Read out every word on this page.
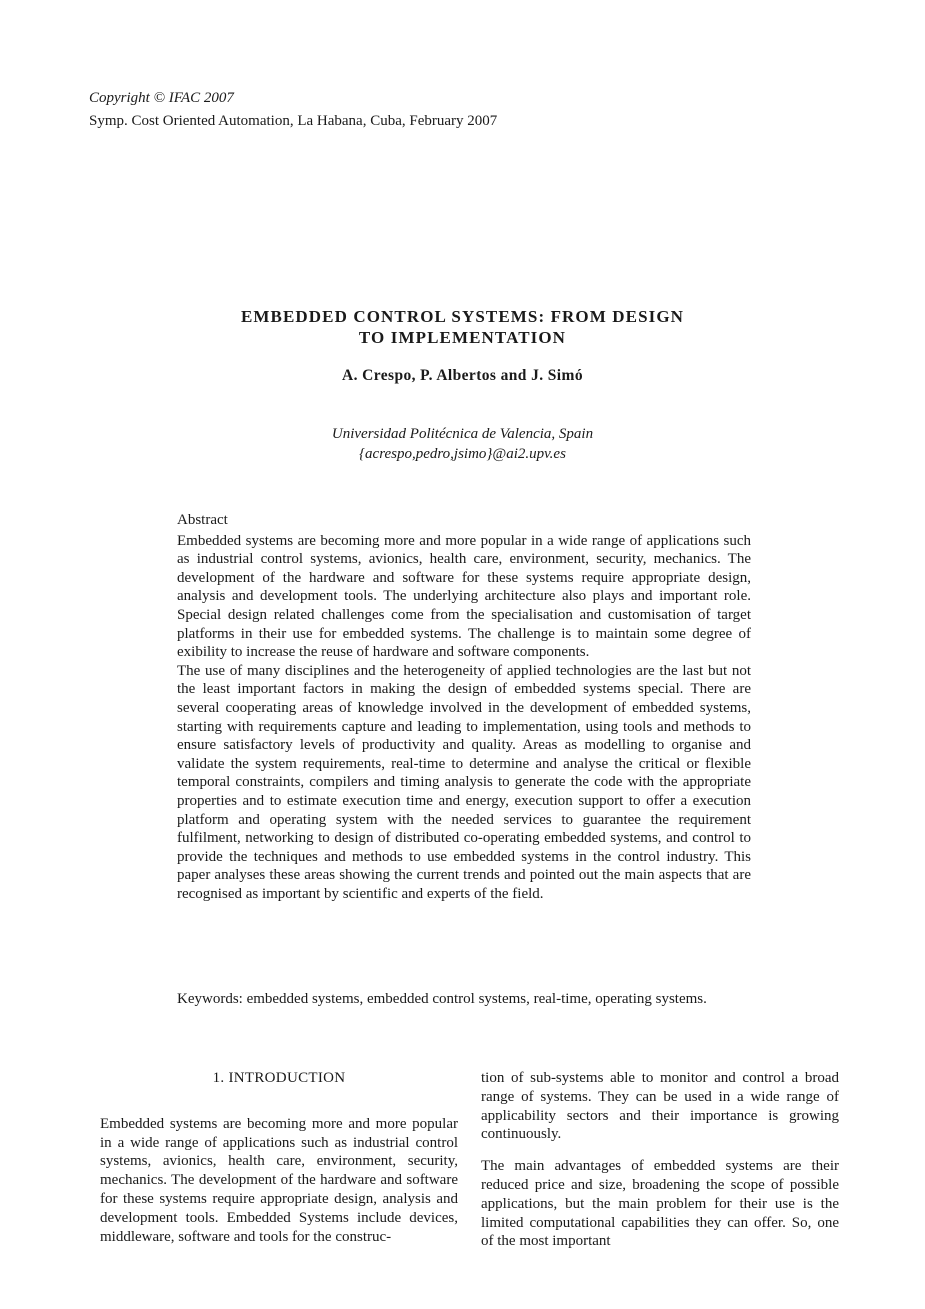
Copyright © IFAC 2007
Symp. Cost Oriented Automation, La Habana, Cuba, February 2007
EMBEDDED CONTROL SYSTEMS: FROM DESIGN
TO IMPLEMENTATION
A. Crespo, P. Albertos and J. Simó
Universidad Politécnica de Valencia, Spain
{acrespo,pedro,jsimo}@ai2.upv.es
Abstract

Embedded systems are becoming more and more popular in a wide range of applications such as industrial control systems, avionics, health care, environment, security, mechanics. The development of the hardware and software for these systems require appropriate design, analysis and development tools. The underlying architecture also plays and important role. Special design related challenges come from the specialisation and customisation of target platforms in their use for embedded systems. The challenge is to maintain some degree of exibility to increase the reuse of hardware and software components.

The use of many disciplines and the heterogeneity of applied technologies are the last but not the least important factors in making the design of embedded systems special. There are several cooperating areas of knowledge involved in the development of embedded systems, starting with requirements capture and leading to implementation, using tools and methods to ensure satisfactory levels of productivity and quality. Areas as modelling to organise and validate the system requirements, real-time to determine and analyse the critical or flexible temporal constraints, compilers and timing analysis to generate the code with the appropriate properties and to estimate execution time and energy, execution support to offer a execution platform and operating system with the needed services to guarantee the requirement fulfilment, networking to design of distributed co-operating embedded systems, and control to provide the techniques and methods to use embedded systems in the control industry. This paper analyses these areas showing the current trends and pointed out the main aspects that are recognised as important by scientific and experts of the field.

Keywords: embedded systems, embedded control systems, real-time, operating systems.
1. INTRODUCTION

Embedded systems are becoming more and more popular in a wide range of applications such as industrial control systems, avionics, health care, environment, security, mechanics. The development of the hardware and software for these systems require appropriate design, analysis and development tools. Embedded Systems include devices, middleware, software and tools for the construc-

tion of sub-systems able to monitor and control a broad range of systems. They can be used in a wide range of applicability sectors and their importance is growing continuously.

The main advantages of embedded systems are their reduced price and size, broadening the scope of possible applications, but the main problem for their use is the limited computational capabilities they can offer. So, one of the most important
